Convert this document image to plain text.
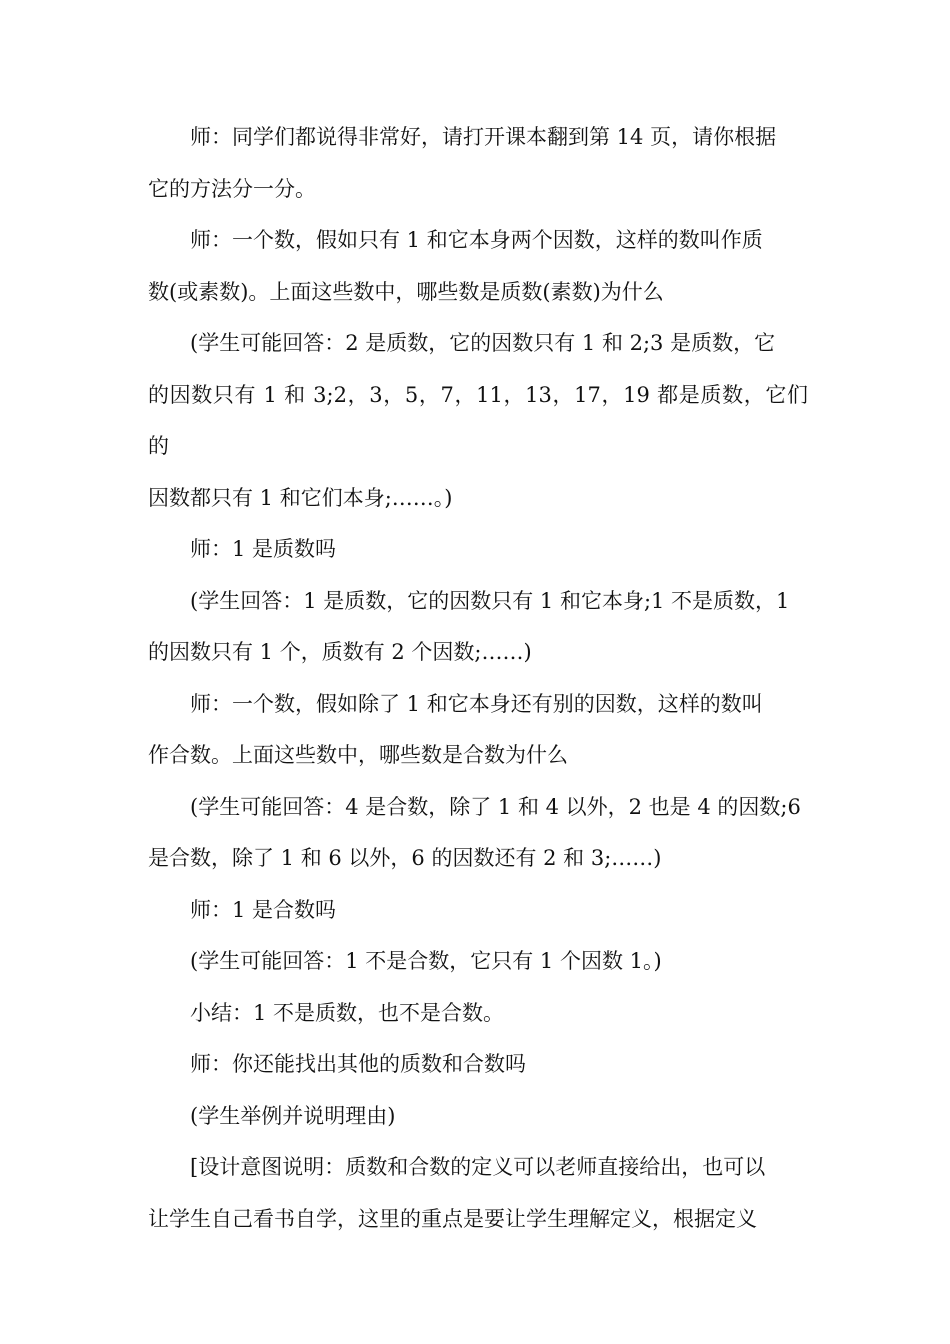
师：同学们都说得非常好，请打开课本翻到第 14 页，请你根据
它的方法分一分。

师：一个数，假如只有 1 和它本身两个因数，这样的数叫作质
数(或素数)。上面这些数中，哪些数是质数(素数)为什么

(学生可能回答：2 是质数，它的因数只有 1 和 2;3 是质数，它
的因数只有 1 和 3;2，3，5，7，11，13，17，19 都是质数，它们的
因数都只有 1 和它们本身;……。)

师：1 是质数吗

(学生回答：1 是质数，它的因数只有 1 和它本身;1 不是质数，1
的因数只有 1 个，质数有 2 个因数;……)

师：一个数，假如除了 1 和它本身还有别的因数，这样的数叫
作合数。上面这些数中，哪些数是合数为什么

(学生可能回答：4 是合数，除了 1 和 4 以外，2 也是 4 的因数;6
是合数，除了 1 和 6 以外，6 的因数还有 2 和 3;……)

师：1 是合数吗

(学生可能回答：1 不是合数，它只有 1 个因数 1。)

小结：1 不是质数，也不是合数。

师：你还能找出其他的质数和合数吗

(学生举例并说明理由)

[设计意图说明：质数和合数的定义可以老师直接给出，也可以
让学生自己看书自学，这里的重点是要让学生理解定义，根据定义
